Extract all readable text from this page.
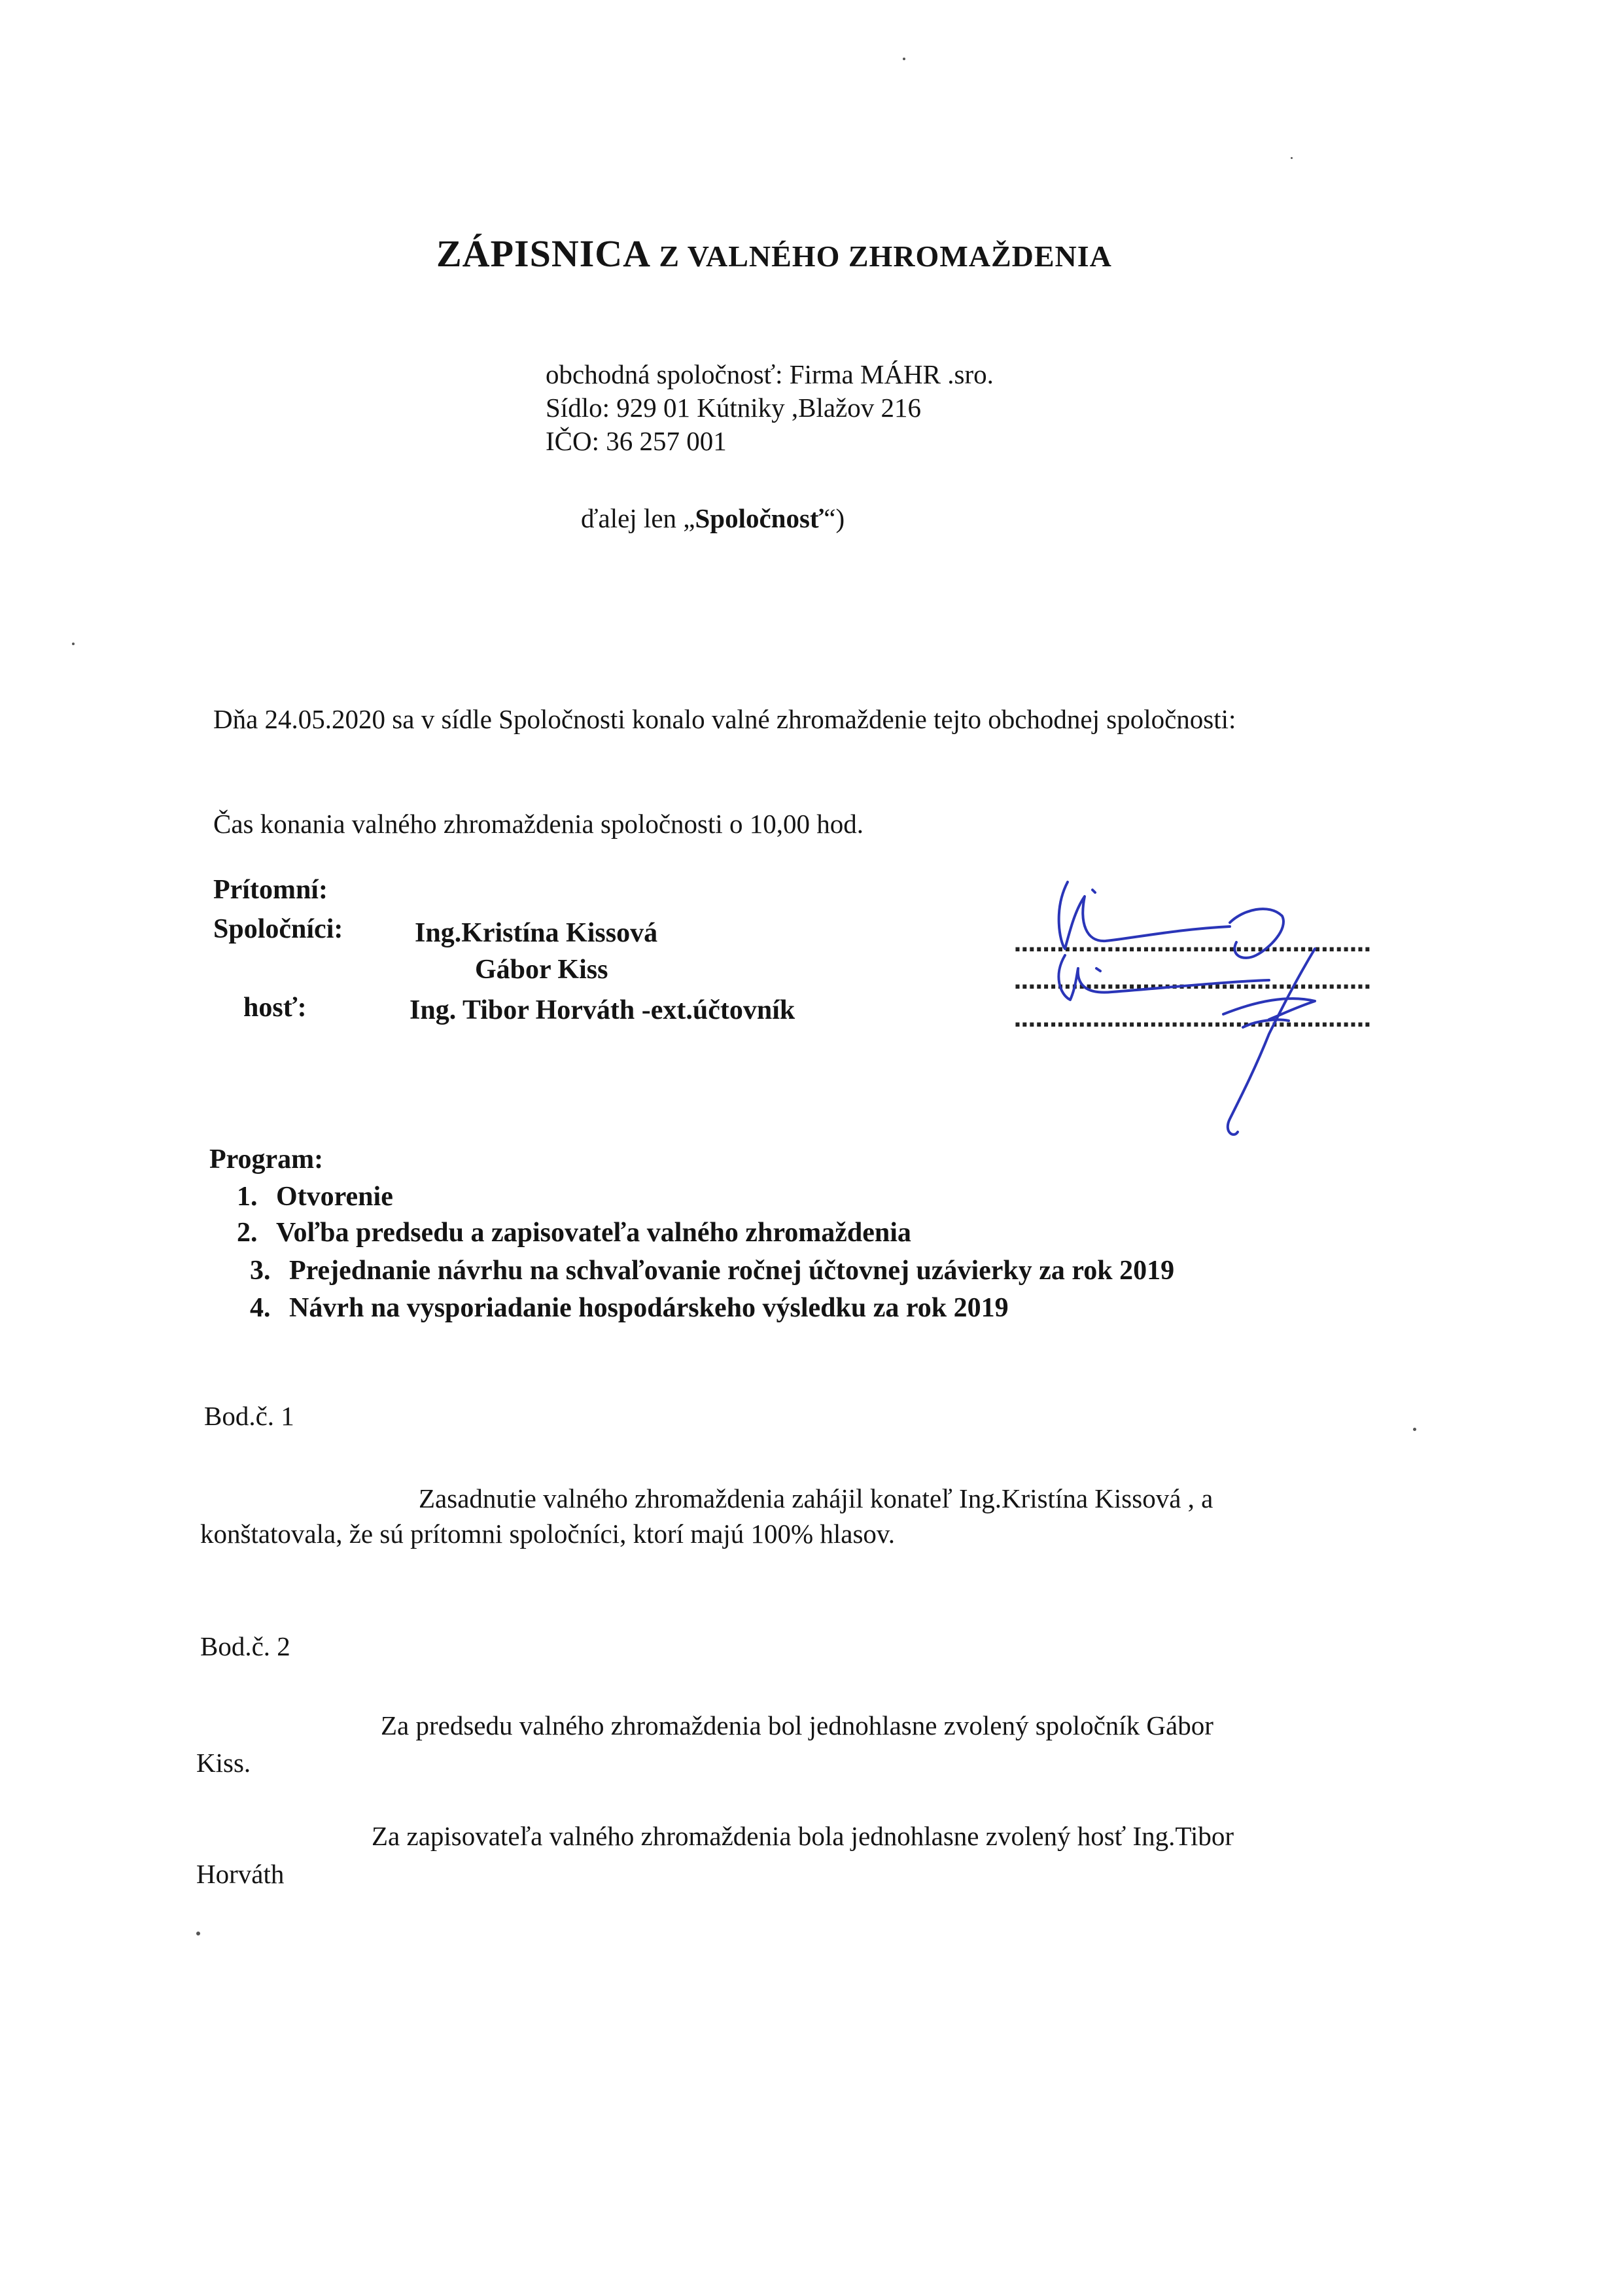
ZÁPISNICA Z VALNÉHO ZHROMAŽDENIA
obchodná spoločnosť: Firma MÁHR .sro.
Sídlo: 929 01 Kútniky ,Blažov 216
IČO: 36 257 001
ďalej len „Spoločnosť“)
Dňa 24.05.2020 sa v sídle Spoločnosti konalo valné zhromaždenie tejto obchodnej spoločnosti:
Čas konania valného zhromaždenia spoločnosti o 10,00 hod.
Prítomní:
Spoločníci:	Ing.Kristína Kissová
Gábor Kiss
hosť:	Ing. Tibor Horváth -ext.účtovník
..................................................
..................................................
..................................................
Program:
1. Otvorenie
2. Voľba predsedu a zapisovateľa valného zhromaždenia
3. Prejednanie návrhu na schvaľovanie ročnej účtovnej uzávierky za rok 2019
4. Návrh na vysporiadanie hospodárskeho výsledku za rok 2019
Bod.č. 1
Zasadnutie valného zhromaždenia zahájil konateľ Ing.Kristína Kissová , a
konštatovala, že sú prítomni spoločníci, ktorí majú 100% hlasov.
Bod.č. 2
Za predsedu valného zhromaždenia bol jednohlasne zvolený spoločník Gábor
Kiss.
Za zapisovateľa valného zhromaždenia bola jednohlasne zvolený hosť Ing.Tibor
Horváth
